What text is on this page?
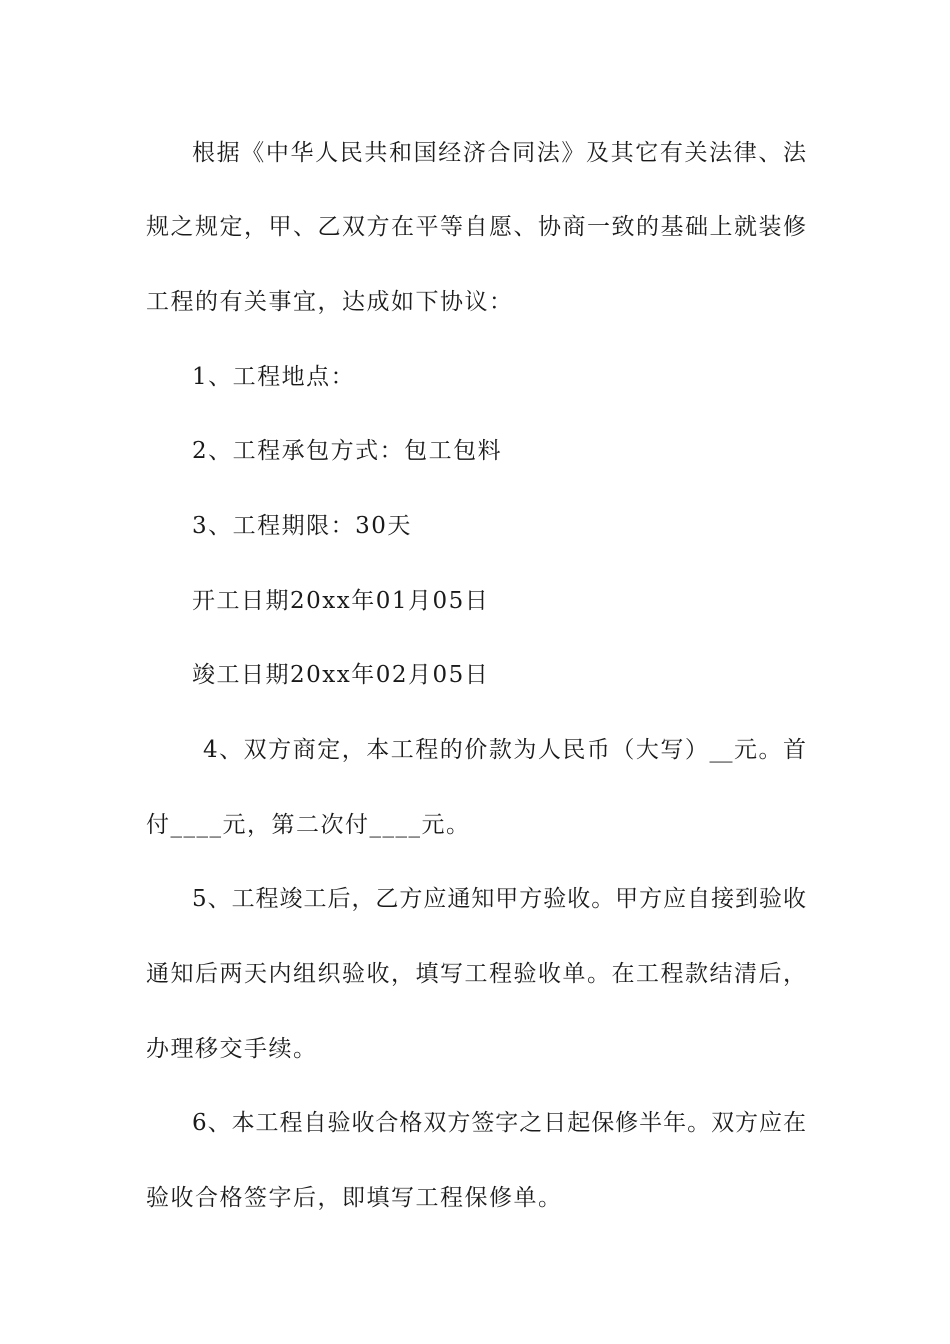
根据《中华人民共和国经济合同法》及其它有关法律、法
规之规定，甲、乙双方在平等自愿、协商一致的基础上就装修
工程的有关事宜，达成如下协议：
1、工程地点：
2、工程承包方式：包工包料
3、工程期限：30天
开工日期20xx年01月05日
竣工日期20xx年02月05日
4、双方商定，本工程的价款为人民币（大写）__元。首
付____元，第二次付____元。
5、工程竣工后，乙方应通知甲方验收。甲方应自接到验收
通知后两天内组织验收，填写工程验收单。在工程款结清后，
办理移交手续。
6、本工程自验收合格双方签字之日起保修半年。双方应在
验收合格签字后，即填写工程保修单。
